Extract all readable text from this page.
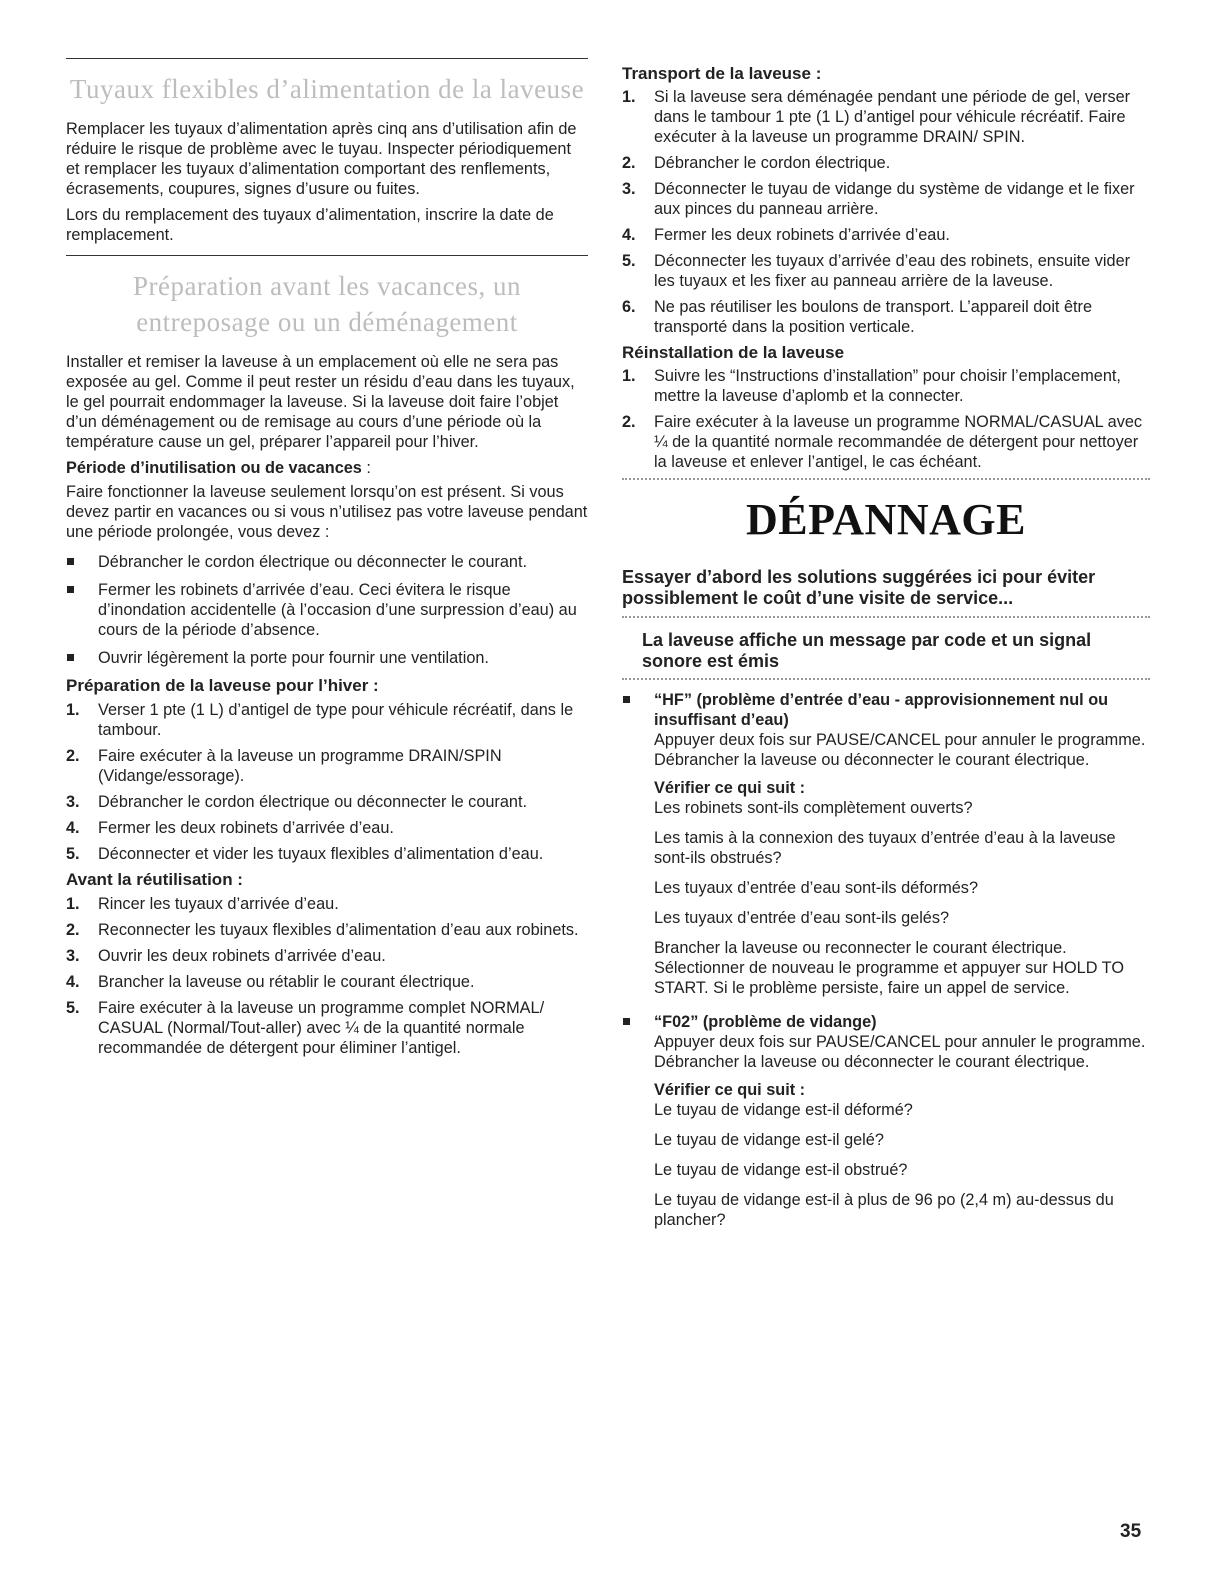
Tuyaux flexibles d’alimentation de la laveuse

Remplacer les tuyaux d’alimentation après cinq ans d’utilisation afin de réduire le risque de problème avec le tuyau. Inspecter périodiquement et remplacer les tuyaux d’alimentation comportant des renflements, écrasements, coupures, signes d’usure ou fuites.

Lors du remplacement des tuyaux d’alimentation, inscrire la date de remplacement.

Préparation avant les vacances, un
entreposage ou un déménagement

Installer et remiser la laveuse à un emplacement où elle ne sera pas exposée au gel. Comme il peut rester un résidu d’eau dans les tuyaux, le gel pourrait endommager la laveuse. Si la laveuse doit faire l’objet d’un déménagement ou de remisage au cours d’une période où la température cause un gel, préparer l’appareil pour l’hiver.

Période d’inutilisation ou de vacances :

Faire fonctionner la laveuse seulement lorsqu’on est présent. Si vous devez partir en vacances ou si vous n’utilisez pas votre laveuse pendant une période prolongée, vous devez :

Débrancher le cordon électrique ou déconnecter le courant.
Fermer les robinets d’arrivée d’eau. Ceci évitera le risque d’inondation accidentelle (à l’occasion d’une surpression d’eau) au cours de la période d’absence.
Ouvrir légèrement la porte pour fournir une ventilation.

Préparation de la laveuse pour l’hiver :

1.	Verser 1 pte (1 L) d’antigel de type pour véhicule récréatif, dans le tambour.
2.	Faire exécuter à la laveuse un programme DRAIN/SPIN (Vidange/essorage).
3.	Débrancher le cordon électrique ou déconnecter le courant.
4.	Fermer les deux robinets d’arrivée d’eau.
5.	Déconnecter et vider les tuyaux flexibles d’alimentation d’eau.

Avant la réutilisation :

1.	Rincer les tuyaux d’arrivée d’eau.
2.	Reconnecter les tuyaux flexibles d’alimentation d’eau aux robinets.
3.	Ouvrir les deux robinets d’arrivée d’eau.
4.	Brancher la laveuse ou rétablir le courant électrique.
5.	Faire exécuter à la laveuse un programme complet NORMAL/ CASUAL (Normal/Tout-aller) avec ¼ de la quantité normale recommandée de détergent pour éliminer l’antigel.

Transport de la laveuse :

1.	Si la laveuse sera déménagée pendant une période de gel, verser dans le tambour 1 pte (1 L) d’antigel pour véhicule récréatif. Faire exécuter à la laveuse un programme DRAIN/ SPIN.
2.	Débrancher le cordon électrique.
3.	Déconnecter le tuyau de vidange du système de vidange et le fixer aux pinces du panneau arrière.
4.	Fermer les deux robinets d’arrivée d’eau.
5.	Déconnecter les tuyaux d’arrivée d’eau des robinets, ensuite vider les tuyaux et les fixer au panneau arrière de la laveuse.
6.	Ne pas réutiliser les boulons de transport. L’appareil doit être transporté dans la position verticale.

Réinstallation de la laveuse

1.	Suivre les “Instructions d’installation” pour choisir l’emplacement, mettre la laveuse d’aplomb et la connecter.
2.	Faire exécuter à la laveuse un programme NORMAL/CASUAL avec ¼ de la quantité normale recommandée de détergent pour nettoyer la laveuse et enlever l’antigel, le cas échéant.
DÉPANNAGE
Essayer d’abord les solutions suggérées ici pour éviter possiblement le coût d’une visite de service...
La laveuse affiche un message par code et un signal sonore est émis

“HF” (problème d’entrée d’eau - approvisionnement nul ou insuffisant d’eau)

Appuyer deux fois sur PAUSE/CANCEL pour annuler le programme. Débrancher la laveuse ou déconnecter le courant électrique.

Vérifier ce qui suit :

Les robinets sont-ils complètement ouverts?

Les tamis à la connexion des tuyaux d’entrée d’eau à la laveuse sont-ils obstrués?

Les tuyaux d’entrée d’eau sont-ils déformés?

Les tuyaux d’entrée d’eau sont-ils gelés?

Brancher la laveuse ou reconnecter le courant électrique. Sélectionner de nouveau le programme et appuyer sur HOLD TO START. Si le problème persiste, faire un appel de service.

“F02” (problème de vidange)

Appuyer deux fois sur PAUSE/CANCEL pour annuler le programme. Débrancher la laveuse ou déconnecter le courant électrique.

Vérifier ce qui suit :

Le tuyau de vidange est-il déformé?

Le tuyau de vidange est-il gelé?

Le tuyau de vidange est-il obstrué?

Le tuyau de vidange est-il à plus de 96 po (2,4 m) au-dessus du plancher?

35
